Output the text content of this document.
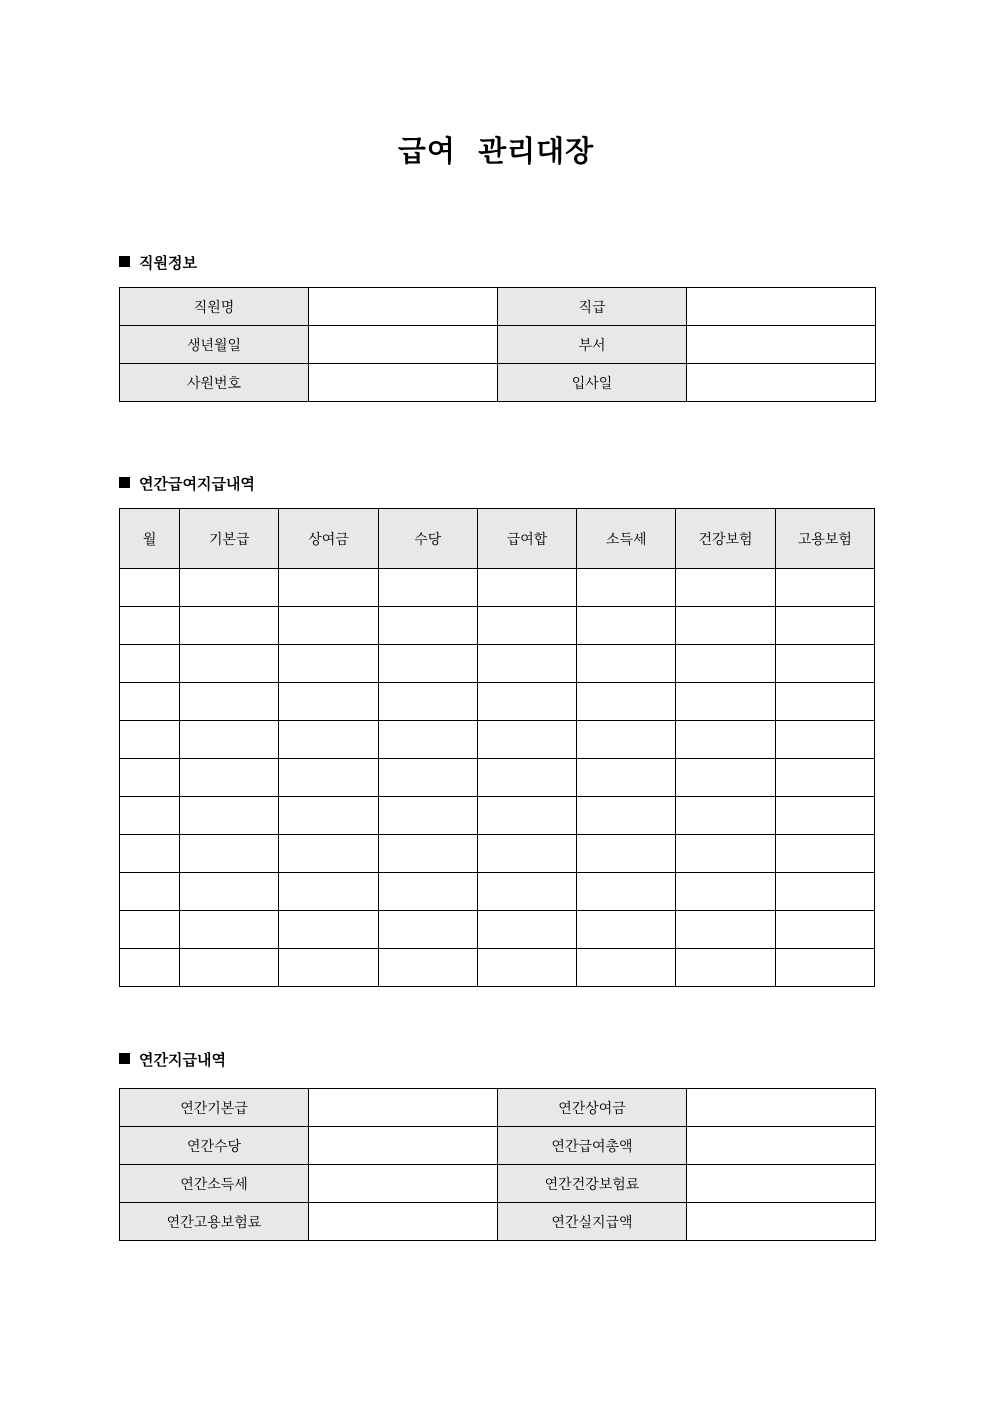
급여  관리대장
직원정보
직원명		직급	
생년월일		부서	
사원번호		입사일	
연간급여지급내역
월	기본급	상여금	수당	급여합	소득세	건강보험	고용보험

연간지급내역
연간기본급		연간상여금	
연간수당		연간급여총액	
연간소득세		연간건강보험료	
연간고용보험료		연간실지급액	
